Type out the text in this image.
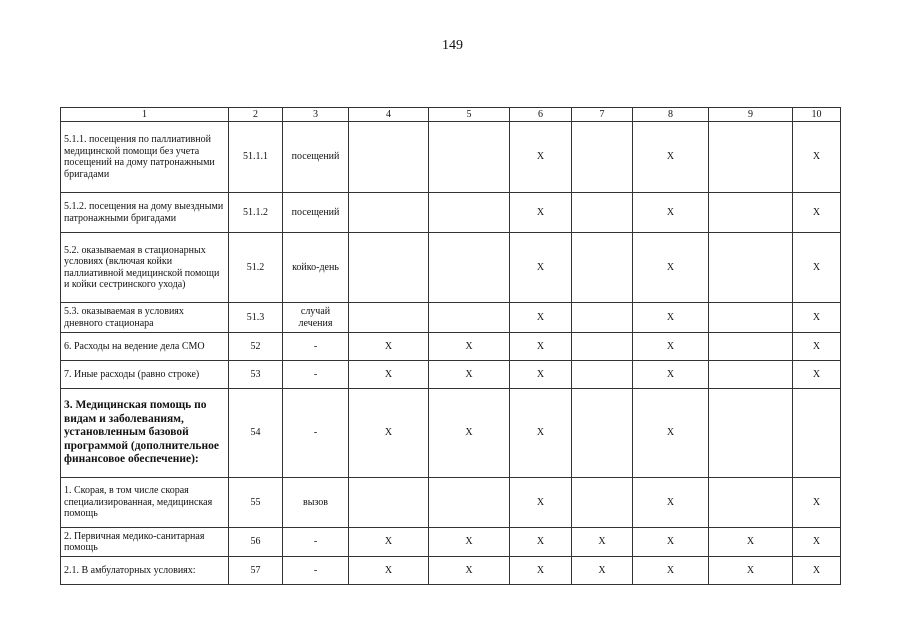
149
1	2	3	4	5	6	7	8	9	10
5.1.1. посещения по паллиативной медицинской помощи без учета посещений на дому патронажными бригадами	51.1.1	посещений			X		X		X
5.1.2. посещения на дому выездными патронажными бригадами	51.1.2	посещений			X		X		X
5.2. оказываемая в стационарных условиях (включая койки паллиативной медицинской помощи и койки сестринского ухода)	51.2	койко-день			X		X		X
5.3. оказываемая в условиях дневного стационара	51.3	случай лечения			X		X		X
6. Расходы на ведение дела СМО	52	-	X	X	X		X		X
7. Иные расходы (равно строке)	53	-	X	X	X		X		X
3. Медицинская помощь по видам и заболеваниям, установленным базовой программой (дополнительное финансовое обеспечение):	54	-	X	X	X		X		
1. Скорая, в том числе скорая специализированная, медицинская помощь	55	вызов			X		X		X
2. Первичная медико-санитарная помощь	56	-	X	X	X	X	X	X	X
2.1. В амбулаторных условиях:	57	-	X	X	X	X	X	X	X
